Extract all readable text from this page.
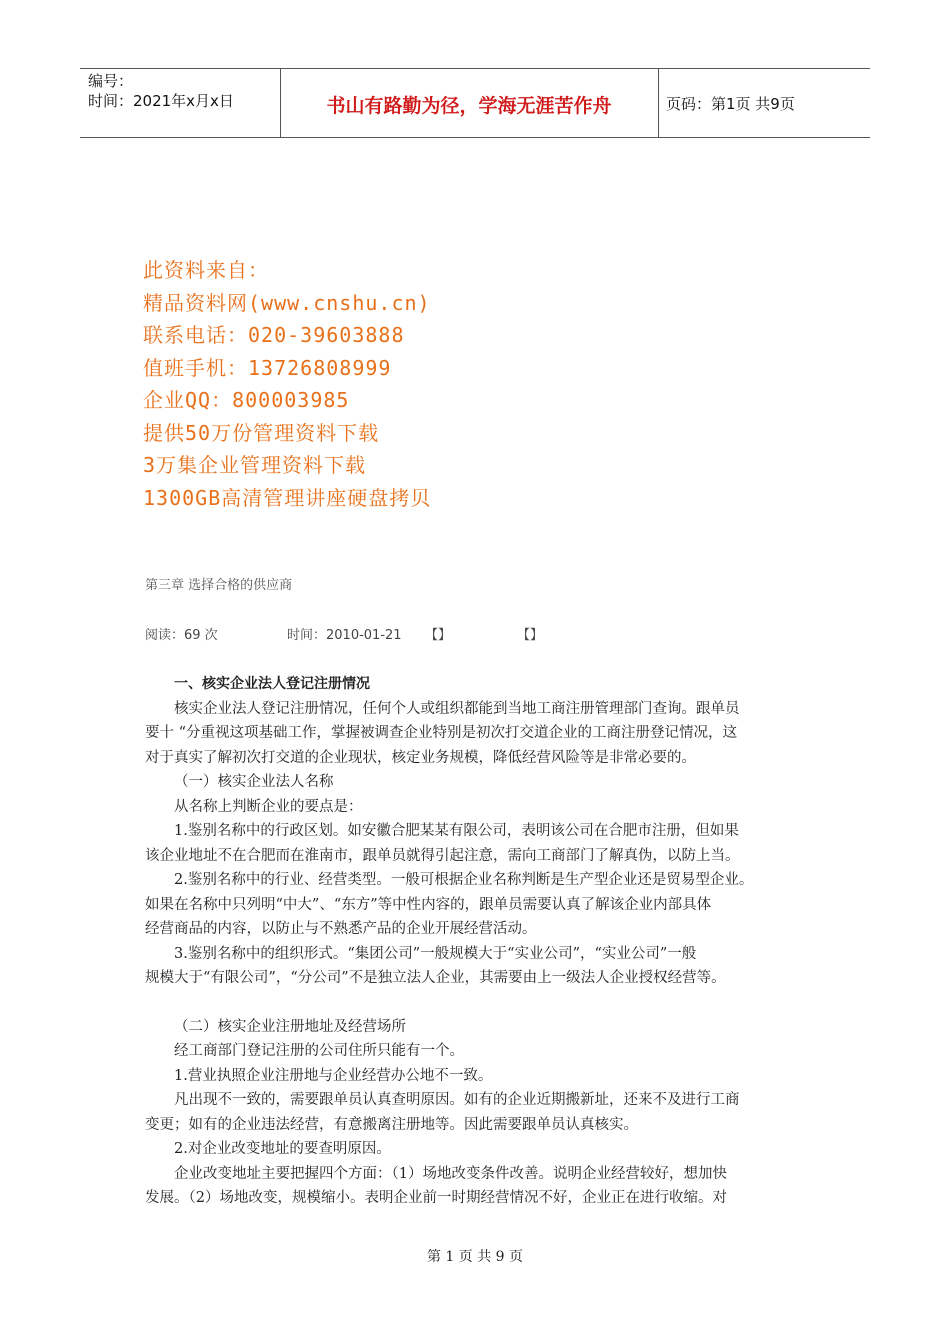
编号：
时间：2021年x月x日	书山有路勤为径，学海无涯苦作舟	页码：第1页 共9页
此资料来自：
精品资料网(www.cnshu.cn)
联系电话：020-39603888
值班手机：13726808999
企业QQ：800003985
提供50万份管理资料下载
3万集企业管理资料下载
1300GB高清管理讲座硬盘拷贝
第三章 选择合格的供应商
阅读：69 次	时间：2010-01-21 【】	【】

一、核实企业法人登记注册情况

核实企业法人登记注册情况，任何个人或组织都能到当地工商注册管理部门查询。跟单员

要十 “分重视这项基础工作，掌握被调查企业特别是初次打交道企业的工商注册登记情况，这

对于真实了解初次打交道的企业现状，核定业务规模，降低经营风险等是非常必要的。

（一）核实企业法人名称

从名称上判断企业的要点是：

1.鉴别名称中的行政区划。如安徽合肥某某有限公司，表明该公司在合肥市注册，但如果

该企业地址不在合肥而在淮南市，跟单员就得引起注意，需向工商部门了解真伪，以防上当。

2.鉴别名称中的行业、经营类型。一般可根据企业名称判断是生产型企业还是贸易型企业。

如果在名称中只列明“中大”、“东方”等中性内容的，跟单员需要认真了解该企业内部具体

经营商品的内容，以防止与不熟悉产品的企业开展经营活动。

3.鉴别名称中的组织形式。“集团公司”一般规模大于“实业公司”，“实业公司”一般

规模大于“有限公司”，“分公司”不是独立法人企业，其需要由上一级法人企业授权经营等。

（二）核实企业注册地址及经营场所

经工商部门登记注册的公司住所只能有一个。

1.营业执照企业注册地与企业经营办公地不一致。

凡出现不一致的，需要跟单员认真查明原因。如有的企业近期搬新址，还来不及进行工商

变更；如有的企业违法经营，有意搬离注册地等。因此需要跟单员认真核实。

2.对企业改变地址的要查明原因。

企业改变地址主要把握四个方面：（1）场地改变条件改善。说明企业经营较好，想加快

发展。（2）场地改变，规模缩小。表明企业前一时期经营情况不好，企业正在进行收缩。对

第 1 页 共 9 页
